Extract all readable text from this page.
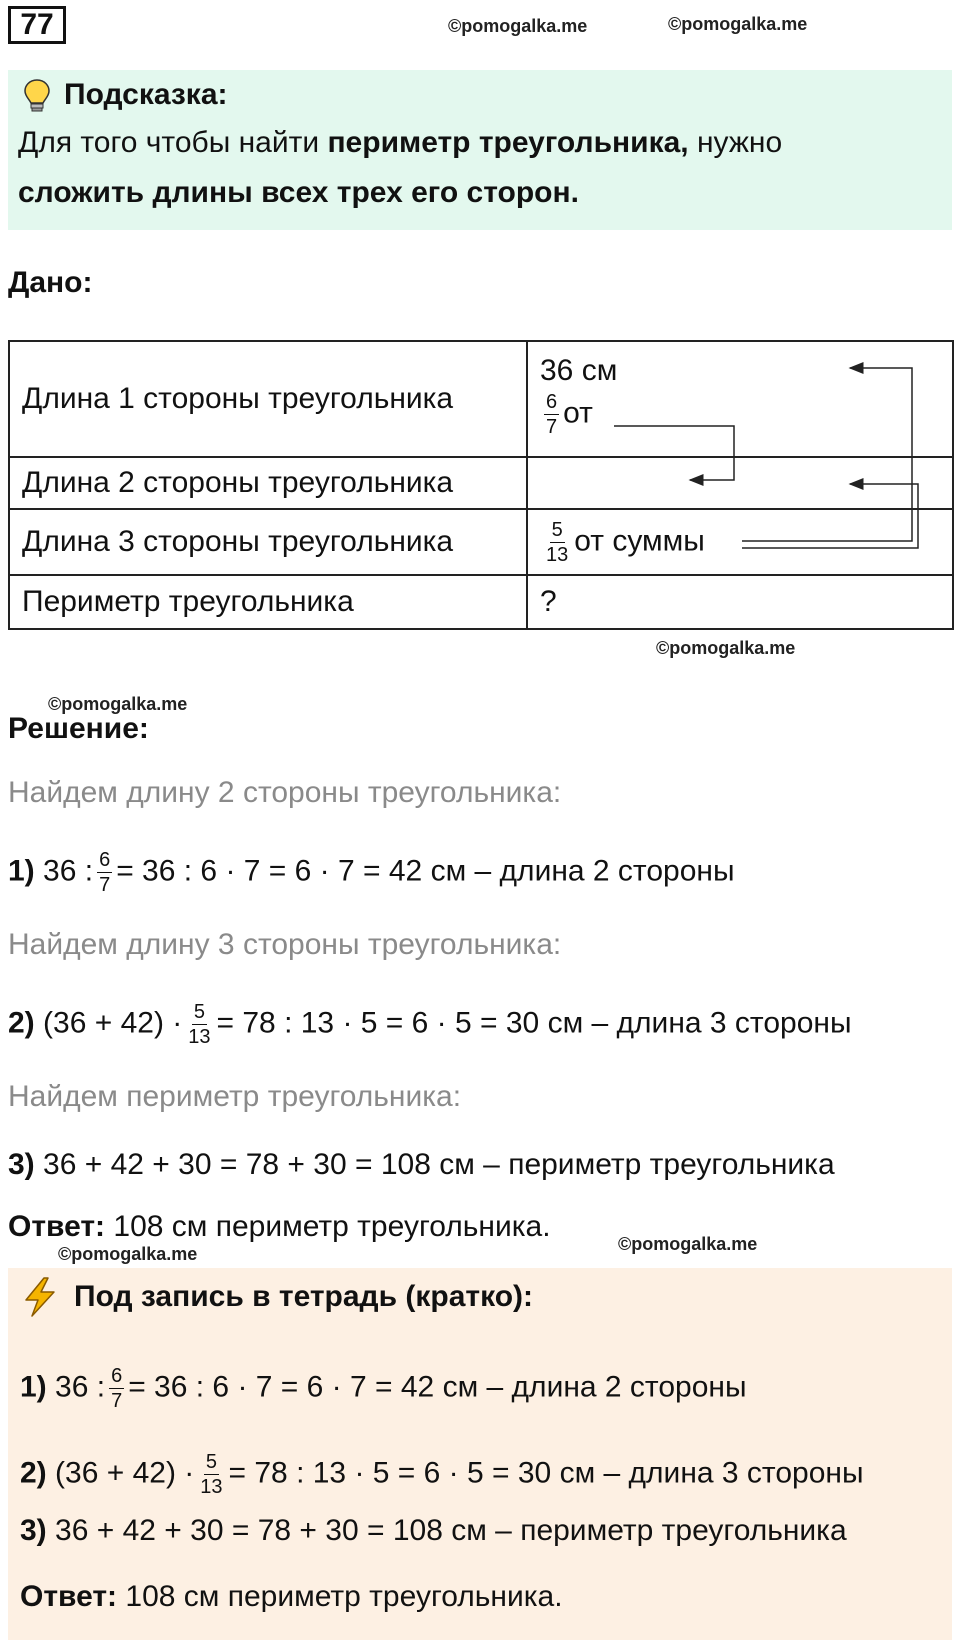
77	©pomogalka.me	©pomogalka.me
Подсказка:
Для того чтобы найти периметр треугольника, нужно
сложить длины всех трех его сторон.
Дано:
Длина 1 стороны треугольника	36 см
$\frac{6}{7}$ от

Длина 2 стороны треугольника	
Длина 3 стороны треугольника	$\frac{5}{13}$ от суммы
Периметр треугольника	?
©pomogalka.me
©pomogalka.me
Решение:
Найдем длину 2 стороны треугольника:
1) 36 : $\frac{6}{7} = 36$ : 6 · 7 = 6 · 7 = 42 см – длина 2 стороны
Найдем длину 3 стороны треугольника:
2) $(36 + 42) \cdot \frac{5}{13} = 78$ : 13 · 5 = 6 · 5 = 30 см – длина 3 стороны
Найдем периметр треугольника:
3) 36 + 42 + 30 = 78 + 30 = 108 см – периметр треугольника
Ответ: 108 см периметр треугольника.
©pomogalka.me	©pomogalka.me
Под запись в тетрадь (кратко):
1) 36 : $\frac{6}{7} = 36$ : 6 · 7 = 6 · 7 = 42 см – длина 2 стороны
2) $(36 + 42) \cdot \frac{5}{13} = 78$ : 13 · 5 = 6 · 5 = 30 см – длина 3 стороны
3) 36 + 42 + 30 = 78 + 30 = 108 см – периметр треугольника
Ответ: 108 см периметр треугольника.
